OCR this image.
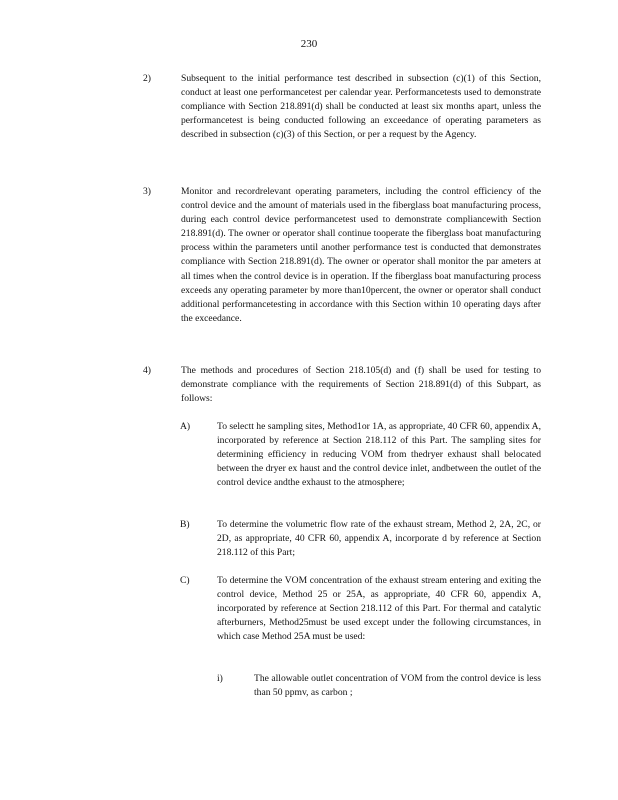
230
2)	Subsequent to the initial performance test described in subsection (c)(1) of this Section, conduct at least one performancetest per calendar year. Performancetests used to demonstrate compliance with Section 218.891(d) shall be conducted at least six months apart, unless the performancetest is being conducted following an exceedance of operating parameters as described in subsection (c)(3) of this Section, or per a request by the Agency.
3)	Monitor and recordrelevant operating parameters, including the control efficiency of the control device and the amount of materials used in the fiberglass boat manufacturing process, during each control device performancetest used to demonstrate compliancewith Section 218.891(d). The owner or operator shall continue tooperate the fiberglass boat manufacturing process within the parameters until another performance test is conducted that demonstrates compliance with Section 218.891(d). The owner or operator shall monitor the par ameters at all times when the control device is in operation. If the fiberglass boat manufacturing process exceeds any operating parameter by more than10percent, the owner or operator shall conduct additional performancetesting in accordance with this Section within 10 operating days after the exceedance.
4)	The methods and procedures of Section 218.105(d) and (f) shall be used for testing to demonstrate compliance with the requirements of Section 218.891(d) of this Subpart, as follows:
A)	To selectt he sampling sites, Method1or 1A, as appropriate, 40 CFR 60, appendix A, incorporated by reference at Section 218.112 of this Part. The sampling sites for determining efficiency in reducing VOM from thedryer exhaust shall belocated between the dryer ex haust and the control device inlet, andbetween the outlet of the control device andthe exhaust to the atmosphere;
B)	To determine the volumetric flow rate of the exhaust stream, Method 2, 2A, 2C, or 2D, as appropriate, 40 CFR 60, appendix A, incorporate d by reference at Section 218.112 of this Part;
C)	To determine the VOM concentration of the exhaust stream entering and exiting the control device, Method 25 or 25A, as appropriate, 40 CFR 60, appendix A, incorporated by reference at Section 218.112 of this Part. For thermal and catalytic afterburners, Method25must be used except under the following circumstances, in which case Method 25A must be used:
i)	The allowable outlet concentration of VOM from the control device is less than 50 ppmv, as carbon ;
